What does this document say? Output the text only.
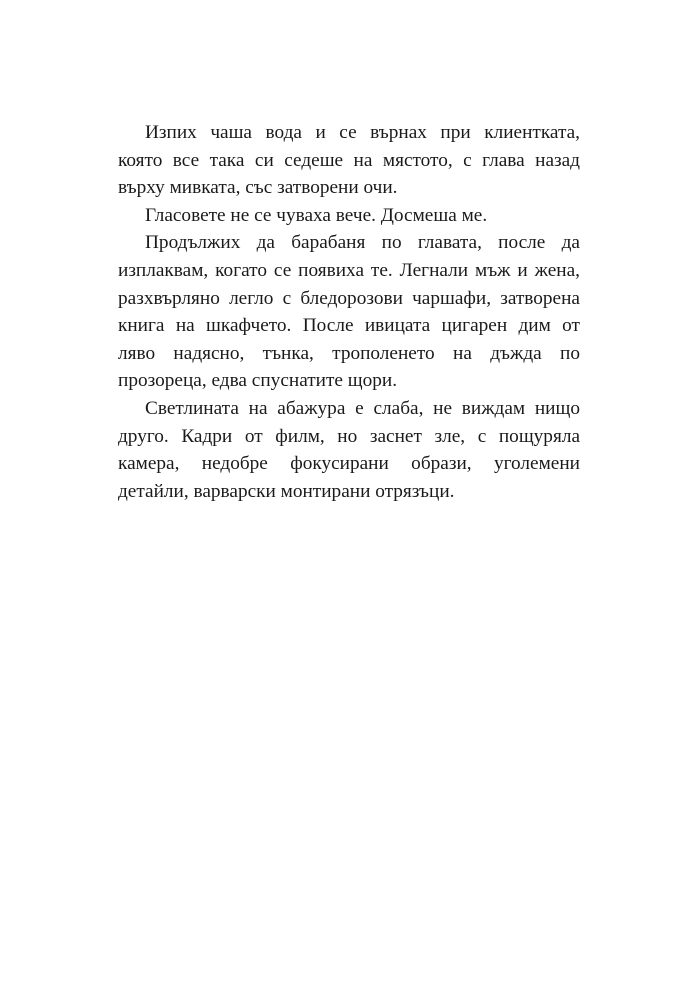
Изпих чаша вода и се върнах при клиентката,
която все така си седеше на мястото, с глава назад
върху мивката, със затворени очи.
Гласовете не се чуваха вече. Досмеша ме.
Продължих да барабаня по главата, после да
изплаквам, когато се появиха те. Легнали мъж и жена,
разхвърляно легло с бледорозови чаршафи, затворена
книга на шкафчето. После ивицата цигарен дим от
ляво надясно, тънка, трополенето на дъжда по
прозореца, едва спуснатите щори.
Светлината на абажура е слаба, не виждам нищо
друго. Кадри от филм, но заснет зле, с пощуряла
камера, недобре фокусирани образи, уголемени
детайли, варварски монтирани отрязъци.
